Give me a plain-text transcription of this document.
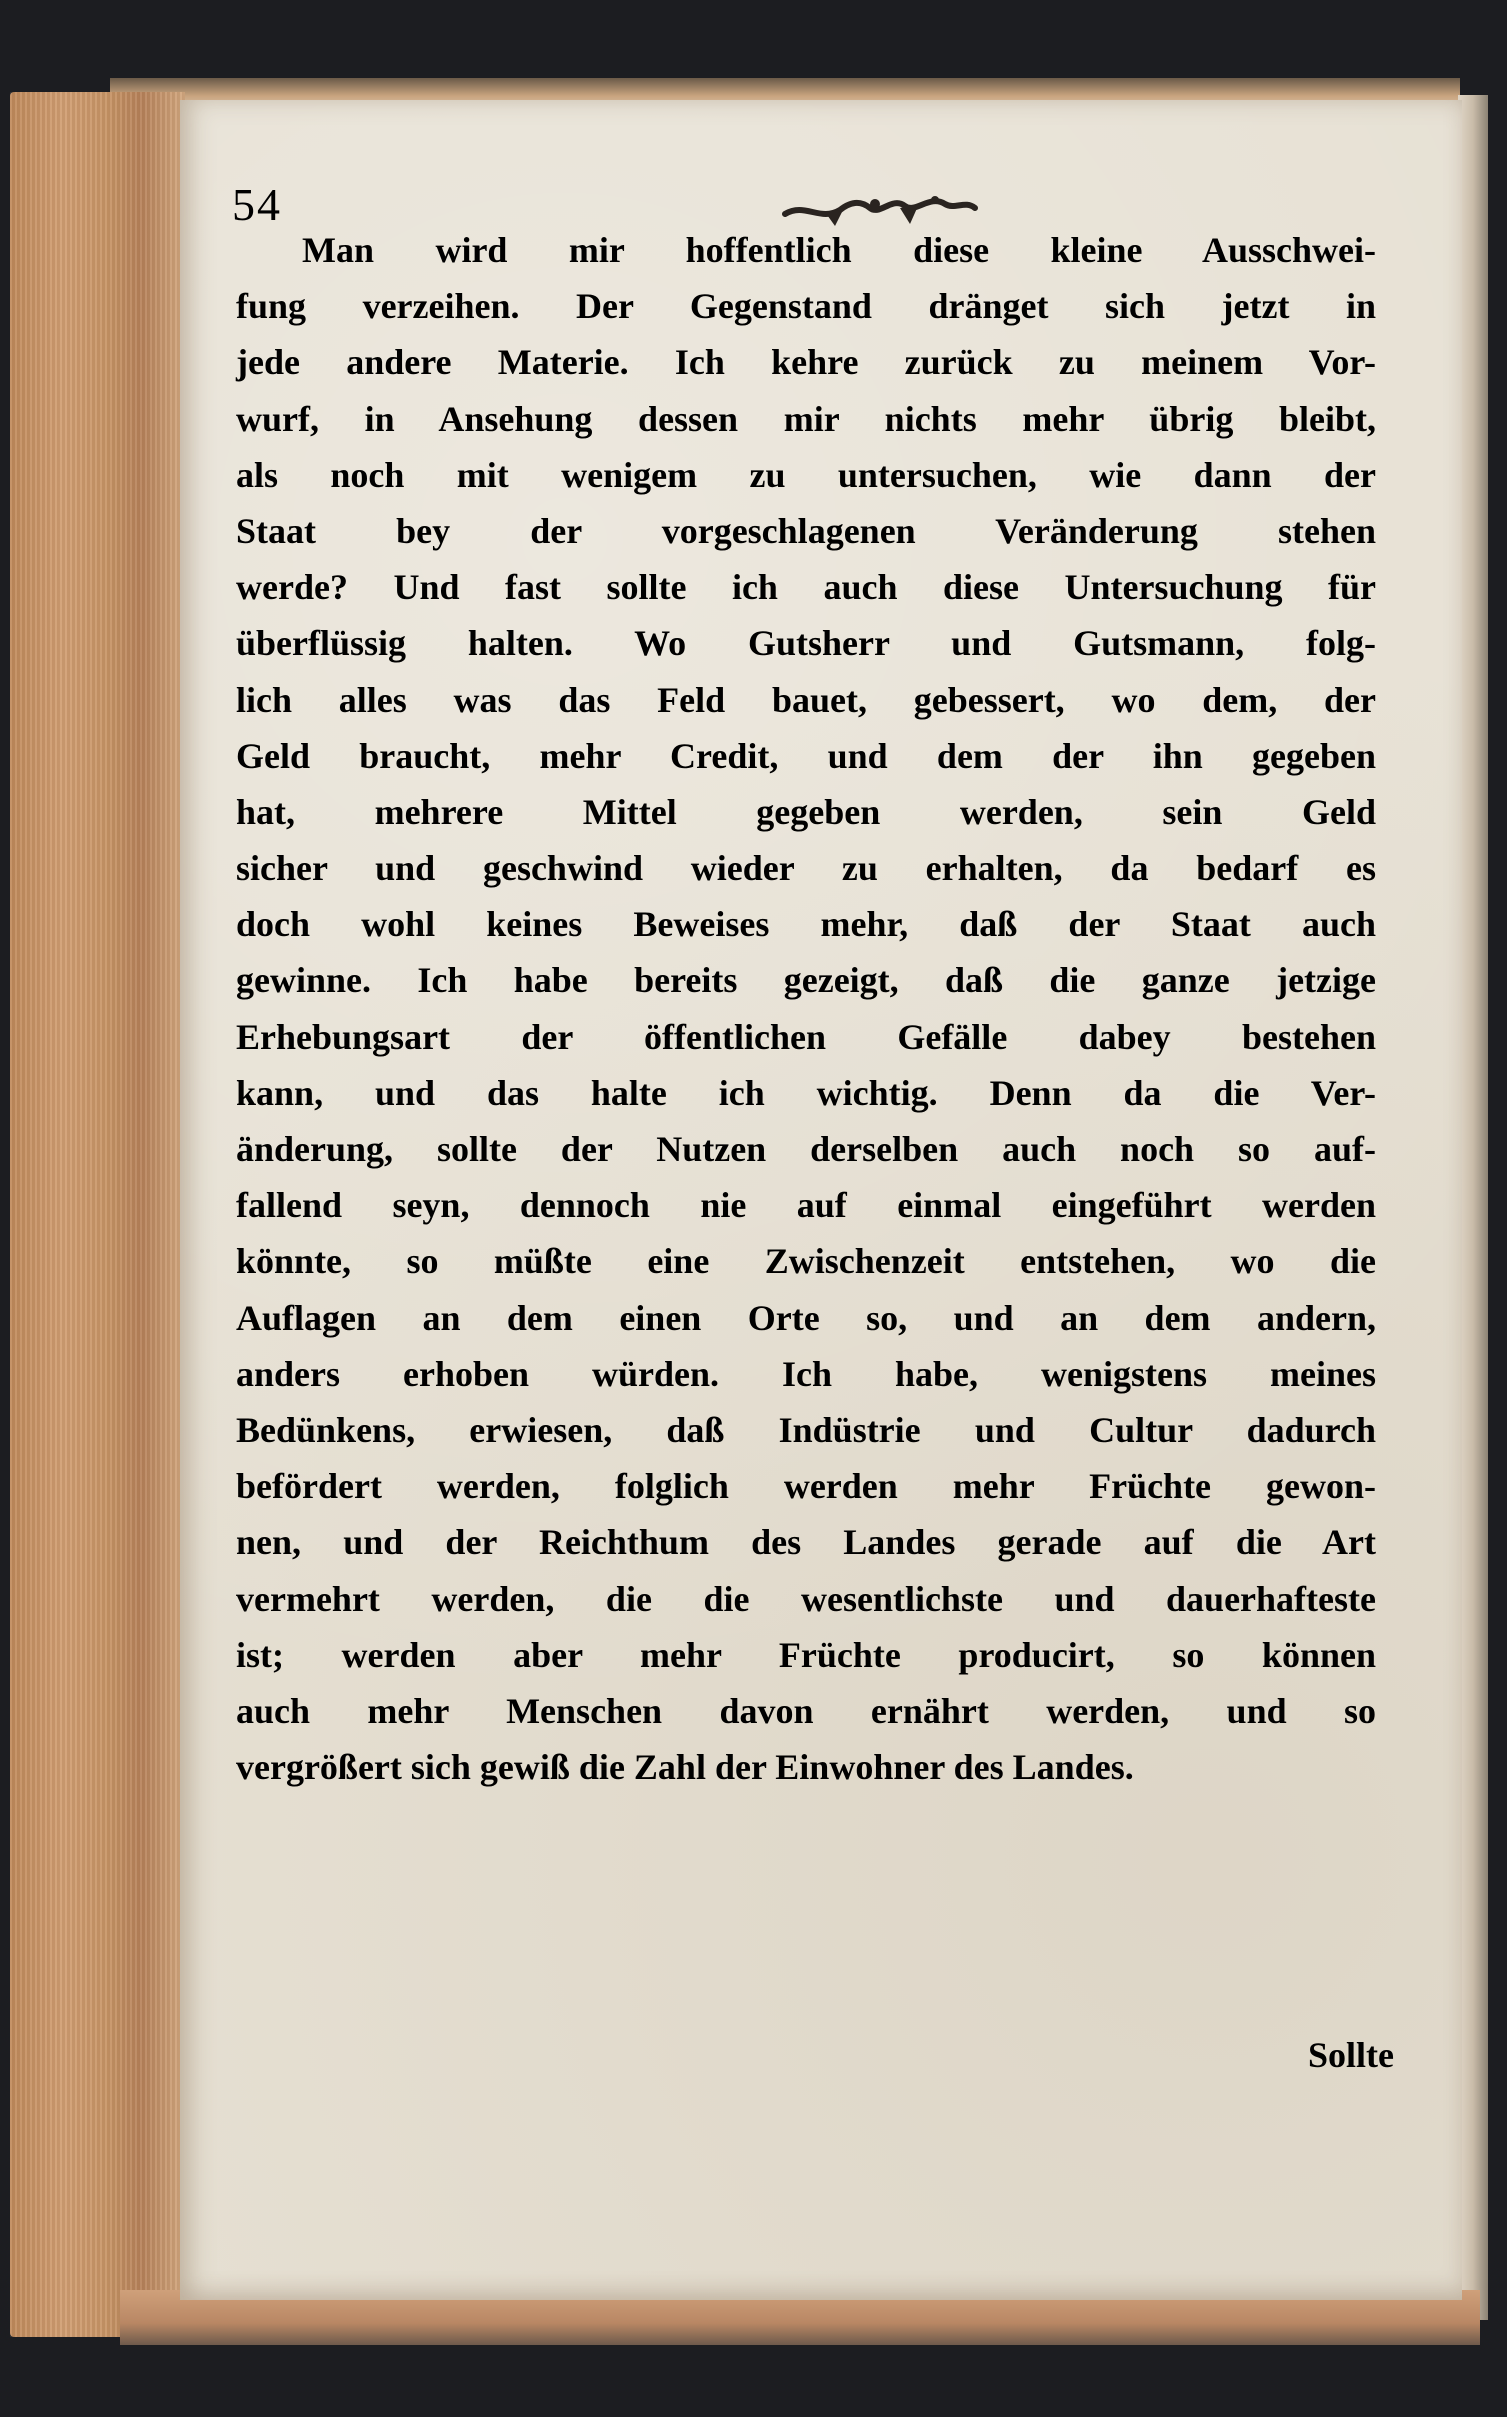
54
Man wird mir hoffentlich diese kleine Ausschwei-
fung verzeihen. Der Gegenstand dränget sich jetzt in
jede andere Materie. Ich kehre zurück zu meinem Vor-
wurf, in Ansehung dessen mir nichts mehr übrig bleibt,
als noch mit wenigem zu untersuchen, wie dann der
Staat bey der vorgeschlagenen Veränderung stehen
werde? Und fast sollte ich auch diese Untersuchung für
überflüssig halten. Wo Gutsherr und Gutsmann, folg-
lich alles was das Feld bauet, gebessert, wo dem, der
Geld braucht, mehr Credit, und dem der ihn gegeben
hat, mehrere Mittel gegeben werden, sein Geld
sicher und geschwind wieder zu erhalten, da bedarf es
doch wohl keines Beweises mehr, daß der Staat auch
gewinne. Ich habe bereits gezeigt, daß die ganze jetzige
Erhebungsart der öffentlichen Gefälle dabey bestehen
kann, und das halte ich wichtig. Denn da die Ver-
änderung, sollte der Nutzen derselben auch noch so auf-
fallend seyn, dennoch nie auf einmal eingeführt werden
könnte, so müßte eine Zwischenzeit entstehen, wo die
Auflagen an dem einen Orte so, und an dem andern,
anders erhoben würden. Ich habe, wenigstens meines
Bedünkens, erwiesen, daß Indüstrie und Cultur dadurch
befördert werden, folglich werden mehr Früchte gewon-
nen, und der Reichthum des Landes gerade auf die Art
vermehrt werden, die die wesentlichste und dauerhafteste
ist; werden aber mehr Früchte producirt, so können
auch mehr Menschen davon ernährt werden, und so
vergrößert sich gewiß die Zahl der Einwohner des Landes.
Sollte
